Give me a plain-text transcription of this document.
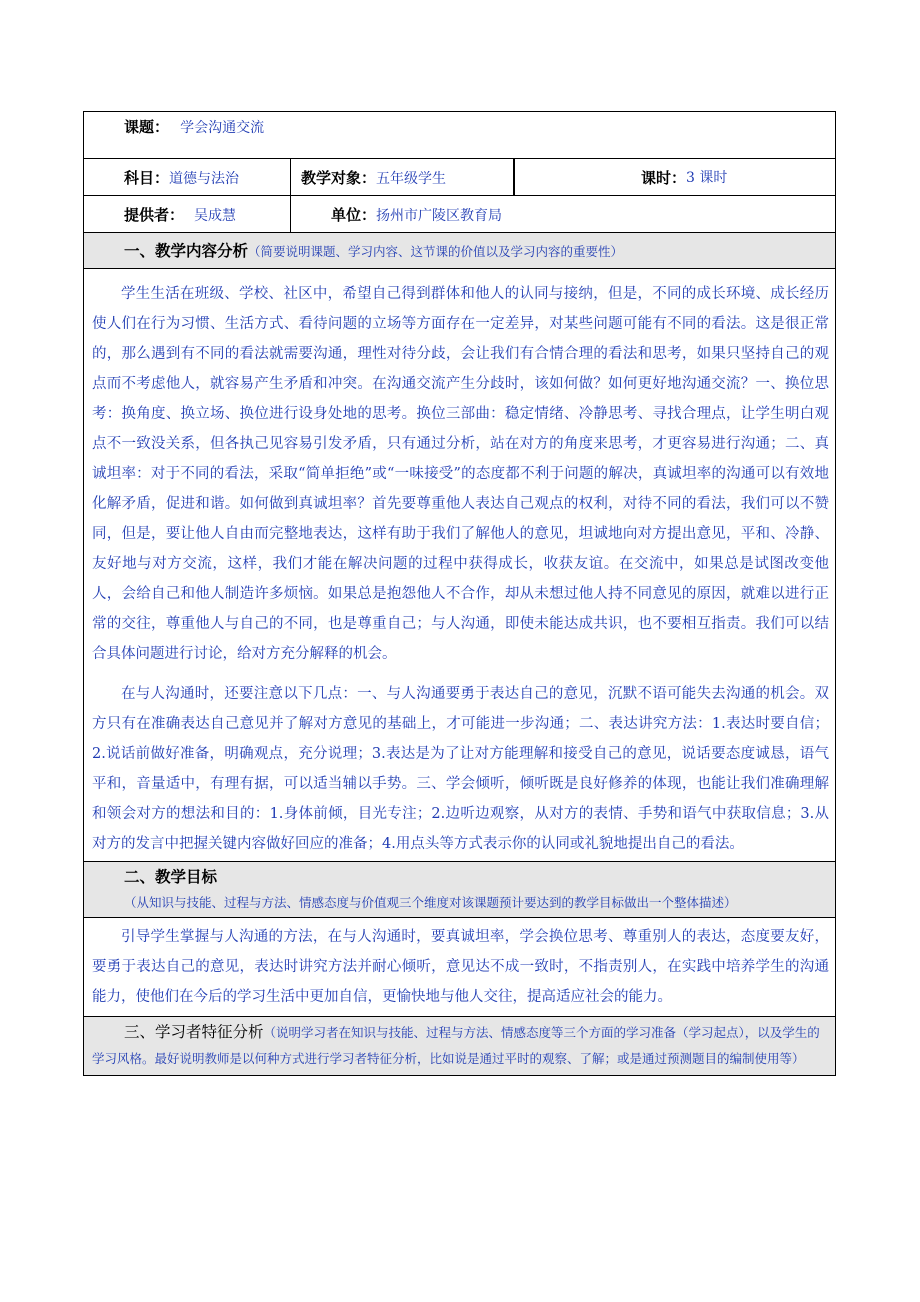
课题： 学会沟通交流		
科目：道德与法治	教学对象：五年级学生	课时： 3 课时

提供者： 吴成慧	单位：扬州市广陵区教育局	
一、教学内容分析（简要说明课题、学习内容、这节课的价值以及学习内容的重要性）		

学生生活在班级、学校、社区中，希望自己得到群体和他人的认同与接纳，但是，不同的成长环境、成长经历使人们在行为习惯、生活方式、看待问题的立场等方面存在一定差异，对某些问题可能有不同的看法。这是很正常的，那么遇到有不同的看法就需要沟通，理性对待分歧，会让我们有合情合理的看法和思考，如果只坚持自己的观点而不考虑他人，就容易产生矛盾和冲突。在沟通交流产生分歧时，该如何做？如何更好地沟通交流？一、换位思考：换角度、换立场、换位进行设身处地的思考。换位三部曲：稳定情绪、冷静思考、寻找合理点，让学生明白观点不一致没关系，但各执己见容易引发矛盾，只有通过分析，站在对方的角度来思考，才更容易进行沟通；二、真诚坦率：对于不同的看法，采取“简单拒绝”或“一味接受”的态度都不利于问题的解决，真诚坦率的沟通可以有效地化解矛盾，促进和谐。如何做到真诚坦率？首先要尊重他人表达自己观点的权利，对待不同的看法，我们可以不赞同，但是，要让他人自由而完整地表达，这样有助于我们了解他人的意见，坦诚地向对方提出意见，平和、冷静、友好地与对方交流，这样，我们才能在解决问题的过程中获得成长，收获友谊。在交流中，如果总是试图改变他人，会给自己和他人制造许多烦恼。如果总是抱怨他人不合作，却从未想过他人持不同意见的原因，就难以进行正常的交往，尊重他人与自己的不同，也是尊重自己；与人沟通，即使未能达成共识，也不要相互指责。我们可以结合具体问题进行讨论，给对方充分解释的机会。

在与人沟通时，还要注意以下几点：一、与人沟通要勇于表达自己的意见，沉默不语可能失去沟通的机会。双方只有在准确表达自己意见并了解对方意见的基础上，才可能进一步沟通；二、表达讲究方法：1.表达时要自信；2.说话前做好准备，明确观点，充分说理；3.表达是为了让对方能理解和接受自己的意见，说话要态度诚恳，语气平和，音量适中，有理有据，可以适当辅以手势。三、学会倾听，倾听既是良好修养的体现，也能让我们准确理解和领会对方的想法和目的：1.身体前倾，目光专注；2.边听边观察，从对方的表情、手势和语气中获取信息；3.从对方的发言中把握关键内容做好回应的准备；4.用点头等方式表示你的认同或礼貌地提出自己的看法。		

二、教学目标（从知识与技能、过程与方法、情感态度与价值观三个维度对该课题预计要达到的教学目标做出一个整体描述）		

引导学生掌握与人沟通的方法，在与人沟通时，要真诚坦率，学会换位思考、尊重别人的表达，态度要友好，要勇于表达自己的意见，表达时讲究方法并耐心倾听，意见达不成一致时，不指责别人，在实践中培养学生的沟通能力，使他们在今后的学习生活中更加自信，更愉快地与他人交往，提高适应社会的能力。		

三、学习者特征分析（说明学习者在知识与技能、过程与方法、情感态度等三个方面的学习准备（学习起点），以及学生的学习风格。最好说明教师是以何种方式进行学习者特征分析，比如说是通过平时的观察、了解；或是通过预测题目的编制使用等）		
